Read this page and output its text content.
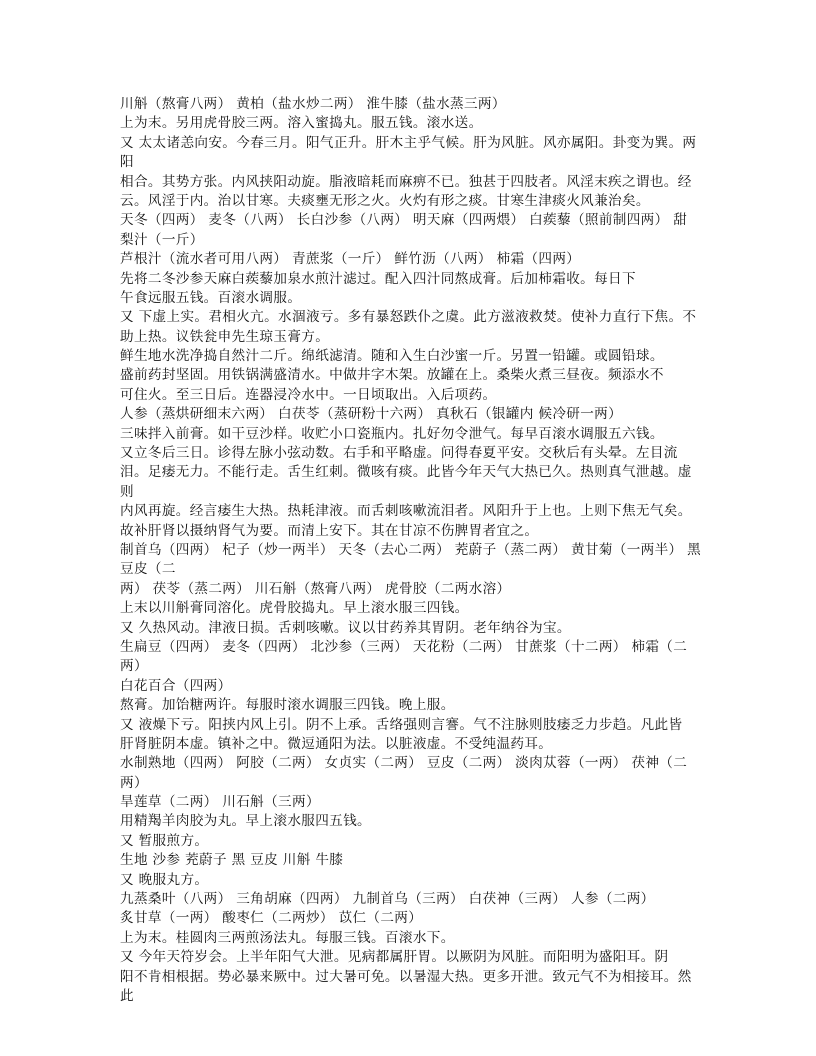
川斛（熬膏八两） 黄柏（盐水炒二两） 淮牛膝（盐水蒸三两）
上为末。另用虎骨胶三两。溶入蜜捣丸。服五钱。滚水送。
又 太太诸恙向安。今春三月。阳气正升。肝木主乎气候。肝为风脏。风亦属阳。卦变为巽。两
阳
相合。其势方张。内风挟阳动旋。脂液暗耗而麻痹不已。独甚于四肢者。风淫末疾之谓也。经
云。风淫于内。治以甘寒。夫痰壅无形之火。火灼有形之痰。甘寒生津痰火风兼治矣。
天冬（四两） 麦冬（八两） 长白沙参（八两） 明天麻（四两煨） 白蒺藜（照前制四两） 甜
梨汁（一斤）
芦根汁（流水者可用八两） 青蔗浆（一斤） 鲜竹沥（八两） 柿霜（四两）
先将二冬沙参天麻白蒺藜加泉水煎汁滤过。配入四汁同熬成膏。后加柿霜收。每日下
午食远服五钱。百滚水调服。
又 下虚上实。君相火亢。水涸液亏。多有暴怒跌仆之虞。此方滋液救焚。使补力直行下焦。不
助上热。议铁瓮申先生琼玉膏方。
鲜生地水洗净捣自然汁二斤。绵纸滤清。随和入生白沙蜜一斤。另置一铅罐。或圆铅球。
盛前药封坚固。用铁锅满盛清水。中做井字木架。放罐在上。桑柴火煮三昼夜。频添水不
可住火。至三日后。连器浸冷水中。一日顷取出。入后项药。
人参（蒸烘研细末六两） 白茯苓（蒸研粉十六两） 真秋石（银罐内 候冷研一两）
三味拌入前膏。如干豆沙样。收贮小口瓷瓶内。扎好勿令泄气。每早百滚水调服五六钱。
又立冬后三日。诊得左脉小弦动数。右手和平略虚。问得春夏平安。交秋后有头晕。左目流
泪。足痿无力。不能行走。舌生红刺。微咳有痰。此皆今年天气大热已久。热则真气泄越。虚
则
内风再旋。经言痿生大热。热耗津液。而舌刺咳嗽流泪者。风阳升于上也。上则下焦无气矣。
故补肝肾以摄纳肾气为要。而清上安下。其在甘凉不伤脾胃者宜之。
制首乌（四两） 杞子（炒一两半） 天冬（去心二两） 茺蔚子（蒸二两） 黄甘菊（一两半） 黑
豆皮（二
两） 茯苓（蒸二两） 川石斛（熬膏八两） 虎骨胶（二两水溶）
上末以川斛膏同溶化。虎骨胶捣丸。早上滚水服三四钱。
又 久热风动。津液日损。舌刺咳嗽。议以甘药养其胃阴。老年纳谷为宝。
生扁豆（四两） 麦冬（四两） 北沙参（三两） 天花粉（二两） 甘蔗浆（十二两） 柿霜（二
两）
白花百合（四两）
熬膏。加饴糖两许。每服时滚水调服三四钱。晚上服。
又 液燥下亏。阳挟内风上引。阴不上承。舌络强则言謇。气不注脉则肢痿乏力步趋。凡此皆
肝肾脏阴本虚。镇补之中。微逗通阳为法。以脏液虚。不受纯温药耳。
水制熟地（四两） 阿胶（二两） 女贞实（二两） 豆皮（二两） 淡肉苁蓉（一两） 茯神（二
两）
旱莲草（二两） 川石斛（三两）
用精羯羊肉胶为丸。早上滚水服四五钱。
又 暂服煎方。
生地 沙参 茺蔚子 黑 豆皮 川斛 牛膝
又 晚服丸方。
九蒸桑叶（八两） 三角胡麻（四两） 九制首乌（三两） 白茯神（三两） 人参（二两）
炙甘草（一两） 酸枣仁（二两炒） 苡仁（二两）
上为末。桂圆肉三两煎汤法丸。每服三钱。百滚水下。
又 今年天符岁会。上半年阳气大泄。见病都属肝胃。以厥阴为风脏。而阳明为盛阳耳。阴
阳不肯相根据。势必暴来厥中。过大暑可免。以暑湿大热。更多开泄。致元气不为相接耳。然
此
